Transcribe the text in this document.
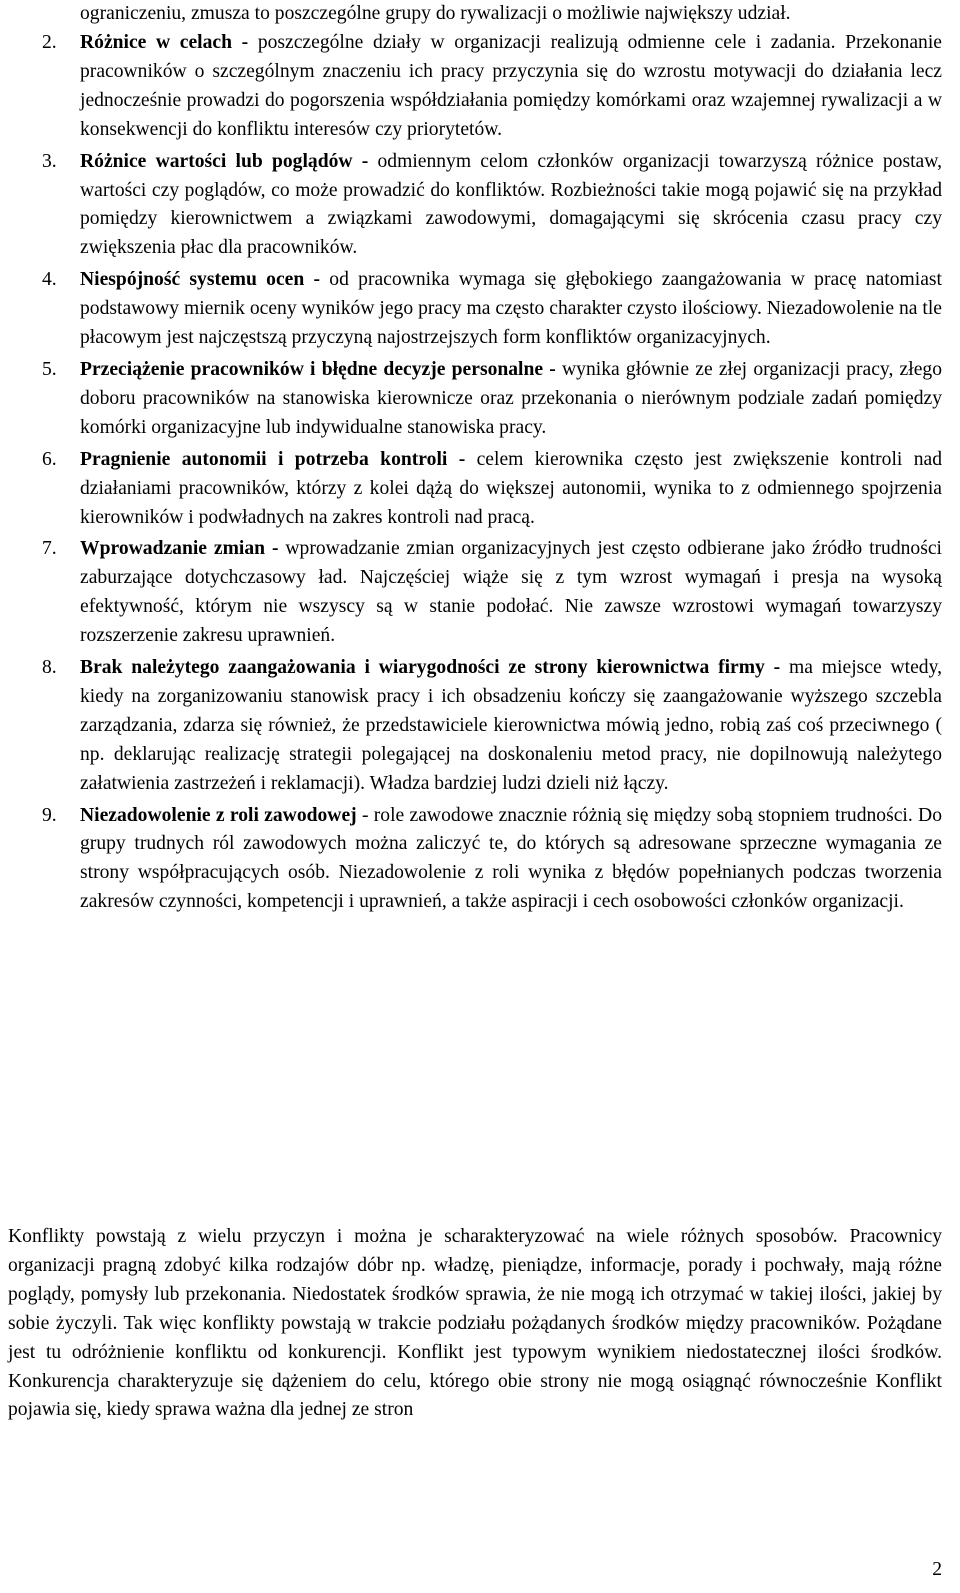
ograniczeniu, zmusza to poszczególne grupy do rywalizacji o możliwie największy udział.

2. Różnice w celach - poszczególne działy w organizacji realizują odmienne cele i zadania. Przekonanie pracowników o szczególnym znaczeniu ich pracy przyczynia się do wzrostu motywacji do działania lecz jednocześnie prowadzi do pogorszenia współdziałania pomiędzy komórkami oraz wzajemnej rywalizacji a w konsekwencji do konfliktu interesów czy priorytetów.
3. Różnice wartości lub poglądów - odmiennym celom członków organizacji towarzyszą różnice postaw, wartości czy poglądów, co może prowadzić do konfliktów. Rozbieżności takie mogą pojawić się na przykład pomiędzy kierownictwem a związkami zawodowymi, domagającymi się skrócenia czasu pracy czy zwiększenia płac dla pracowników.
4. Niespójność systemu ocen - od pracownika wymaga się głębokiego zaangażowania w pracę natomiast podstawowy miernik oceny wyników jego pracy ma często charakter czysto ilościowy. Niezadowolenie na tle płacowym jest najczęstszą przyczyną najostrzejszych form konfliktów organizacyjnych.
5. Przeciążenie pracowników i błędne decyzje personalne - wynika głównie ze złej organizacji pracy, złego doboru pracowników na stanowiska kierownicze oraz przekonania o nierównym podziale zadań pomiędzy komórki organizacyjne lub indywidualne stanowiska pracy.
6. Pragnienie autonomii i potrzeba kontroli - celem kierownika często jest zwiększenie kontroli nad działaniami pracowników, którzy z kolei dążą do większej autonomii, wynika to z odmiennego spojrzenia kierowników i podwładnych na zakres kontroli nad pracą.
7. Wprowadzanie zmian - wprowadzanie zmian organizacyjnych jest często odbierane jako źródło trudności zaburzające dotychczasowy ład. Najczęściej wiąże się z tym wzrost wymagań i presja na wysoką efektywność, którym nie wszyscy są w stanie podołać. Nie zawsze wzrostowi wymagań towarzyszy rozszerzenie zakresu uprawnień.
8. Brak należytego zaangażowania i wiarygodności ze strony kierownictwa firmy - ma miejsce wtedy, kiedy na zorganizowaniu stanowisk pracy i ich obsadzeniu kończy się zaangażowanie wyższego szczebla zarządzania, zdarza się również, że przedstawiciele kierownictwa mówią jedno, robią zaś coś przeciwnego ( np. deklarując realizację strategii polegającej na doskonaleniu metod pracy, nie dopilnowują należytego załatwienia zastrzeżeń i reklamacji). Władza bardziej ludzi dzieli niż łączy.
9. Niezadowolenie z roli zawodowej - role zawodowe znacznie różnią się między sobą stopniem trudności. Do grupy trudnych ról zawodowych można zaliczyć te, do których są adresowane sprzeczne wymagania ze strony współpracujących osób. Niezadowolenie z roli wynika z błędów popełnianych podczas tworzenia zakresów czynności, kompetencji i uprawnień, a także aspiracji i cech osobowości członków organizacji.

Konflikty powstają z wielu przyczyn i można je scharakteryzować na wiele różnych sposobów. Pracownicy organizacji pragną zdobyć kilka rodzajów dóbr np. władzę, pieniądze, informacje, porady i pochwały, mają różne poglądy, pomysły lub przekonania. Niedostatek środków sprawia, że nie mogą ich otrzymać w takiej ilości, jakiej by sobie życzyli. Tak więc konflikty powstają w trakcie podziału pożądanych środków między pracowników. Pożądane jest tu odróżnienie konfliktu od konkurencji. Konflikt jest typowym wynikiem niedostatecznej ilości środków. Konkurencja charakteryzuje się dążeniem do celu, którego obie strony nie mogą osiągnąć równocześnie Konflikt pojawia się, kiedy sprawa ważna dla jednej ze stron

2
